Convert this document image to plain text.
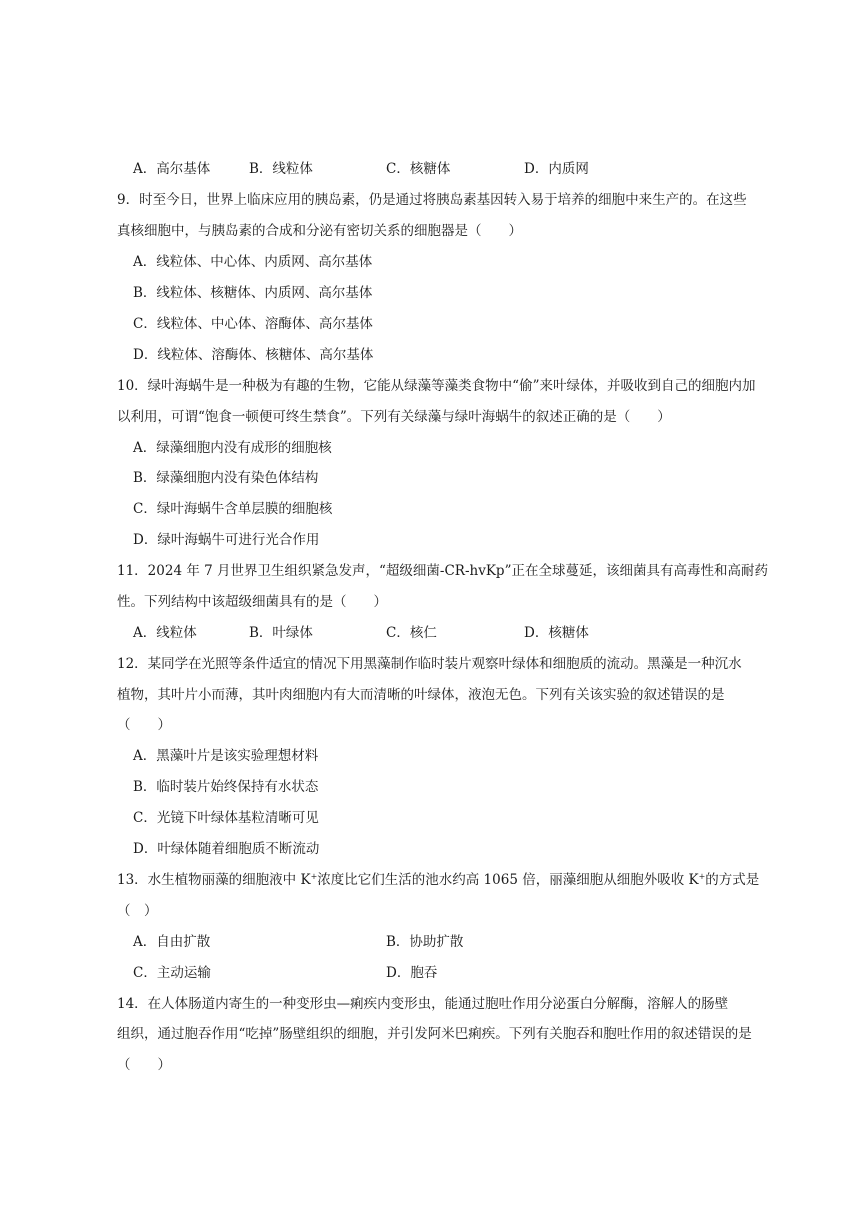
A．高尔基体	B．线粒体	C．核糖体	D．内质网
9．时至今日，世界上临床应用的胰岛素，仍是通过将胰岛素基因转入易于培养的细胞中来生产的。在这些
真核细胞中，与胰岛素的合成和分泌有密切关系的细胞器是（　　）
A．线粒体、中心体、内质网、高尔基体
B．线粒体、核糖体、内质网、高尔基体
C．线粒体、中心体、溶酶体、高尔基体
D．线粒体、溶酶体、核糖体、高尔基体
10．绿叶海蜗牛是一种极为有趣的生物，它能从绿藻等藻类食物中“偷”来叶绿体，并吸收到自己的细胞内加
以利用，可谓“饱食一顿便可终生禁食”。下列有关绿藻与绿叶海蜗牛的叙述正确的是（　　）
A．绿藻细胞内没有成形的细胞核
B．绿藻细胞内没有染色体结构
C．绿叶海蜗牛含单层膜的细胞核
D．绿叶海蜗牛可进行光合作用
11．2024 年 7 月世界卫生组织紧急发声，“超级细菌-CR-hvKp”正在全球蔓延，该细菌具有高毒性和高耐药
性。下列结构中该超级细菌具有的是（　　）
A．线粒体	B．叶绿体	C．核仁	D．核糖体
12．某同学在光照等条件适宜的情况下用黑藻制作临时装片观察叶绿体和细胞质的流动。黑藻是一种沉水
植物，其叶片小而薄，其叶肉细胞内有大而清晰的叶绿体，液泡无色。下列有关该实验的叙述错误的是
（　　）
A．黑藻叶片是该实验理想材料
B．临时装片始终保持有水状态
C．光镜下叶绿体基粒清晰可见
D．叶绿体随着细胞质不断流动
13．水生植物丽藻的细胞液中 K+浓度比它们生活的池水约高 1065 倍，丽藻细胞从细胞外吸收 K+的方式是
（　）
A．自由扩散	B．协助扩散
C．主动运输	D．胞吞
14．在人体肠道内寄生的一种变形虫—痢疾内变形虫，能通过胞吐作用分泌蛋白分解酶，溶解人的肠壁
组织，通过胞吞作用“吃掉”肠壁组织的细胞，并引发阿米巴痢疾。下列有关胞吞和胞吐作用的叙述错误的是
（　　）
